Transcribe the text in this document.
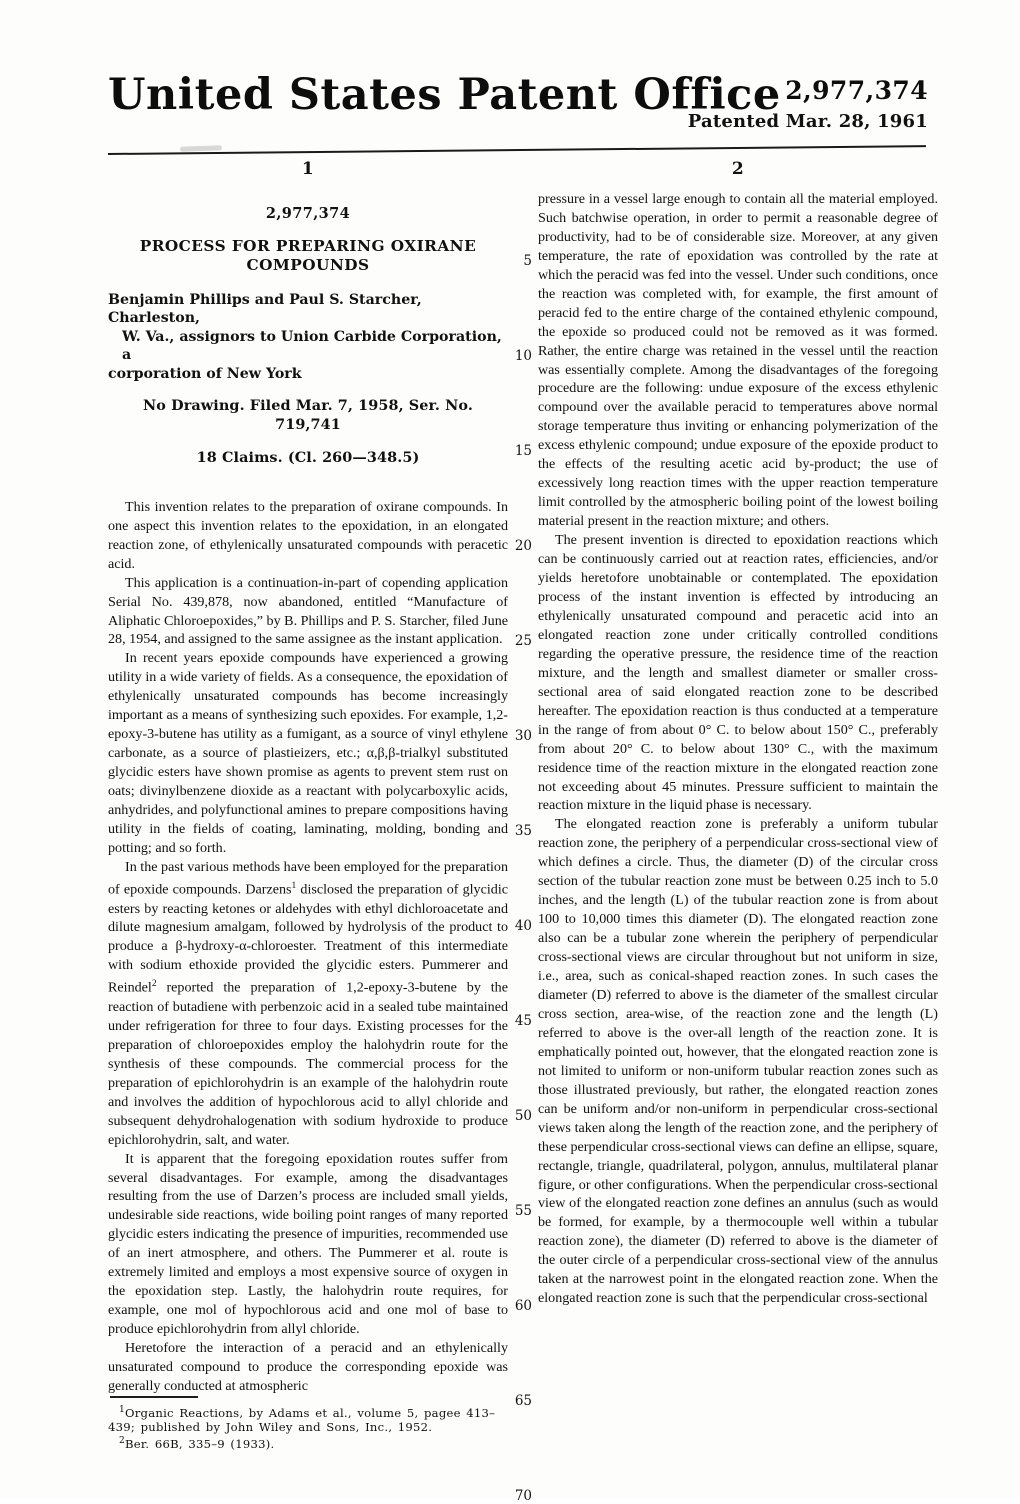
United States Patent Office 2,977,374
Patented Mar. 28, 1961
1
2,977,374
PROCESS FOR PREPARING OXIRANE
COMPOUNDS
Benjamin Phillips and Paul S. Starcher, Charleston,
W. Va., assignors to Union Carbide Corporation, a
corporation of New York
No Drawing. Filed Mar. 7, 1958, Ser. No. 719,741
18 Claims. (Cl. 260—348.5)

This invention relates to the preparation of oxirane compounds. In one aspect this invention relates to the epoxidation, in an elongated reaction zone, of ethylenically unsaturated compounds with peracetic acid.

This application is a continuation-in-part of copending application Serial No. 439,878, now abandoned, entitled “Manufacture of Aliphatic Chloroepoxides,” by B. Phillips and P. S. Starcher, filed June 28, 1954, and assigned to the same assignee as the instant application.

In recent years epoxide compounds have experienced a growing utility in a wide variety of fields. As a consequence, the epoxidation of ethylenically unsaturated compounds has become increasingly important as a means of synthesizing such epoxides. For example, 1,2-epoxy-3-butene has utility as a fumigant, as a source of vinyl ethylene carbonate, as a source of plastieizers, etc.; α,β,β-trialkyl substituted glycidic esters have shown promise as agents to prevent stem rust on oats; divinylbenzene dioxide as a reactant with polycarboxylic acids, anhydrides, and polyfunctional amines to prepare compositions having utility in the fields of coating, laminating, molding, bonding and potting; and so forth.

In the past various methods have been employed for the preparation of epoxide compounds. Darzens$^1$ disclosed the preparation of glycidic esters by reacting ketones or aldehydes with ethyl dichloroacetate and dilute magnesium amalgam, followed by hydrolysis of the product to produce a β-hydroxy-α-chloroester. Treatment of this intermediate with sodium ethoxide provided the glycidic esters. Pummerer and Reindel$^2$ reported the preparation of 1,2-epoxy-3-butene by the reaction of butadiene with perbenzoic acid in a sealed tube maintained under refrigeration for three to four days. Existing processes for the preparation of chloroepoxides employ the halohydrin route for the synthesis of these compounds. The commercial process for the preparation of epichlorohydrin is an example of the halohydrin route and involves the addition of hypochlorous acid to allyl chloride and subsequent dehydrohalogenation with sodium hydroxide to produce epichlorohydrin, salt, and water.

It is apparent that the foregoing epoxidation routes suffer from several disadvantages. For example, among the disadvantages resulting from the use of Darzen’s process are included small yields, undesirable side reactions, wide boiling point ranges of many reported glycidic esters indicating the presence of impurities, recommended use of an inert atmosphere, and others. The Pummerer et al. route is extremely limited and employs a most expensive source of oxygen in the epoxidation step. Lastly, the halohydrin route requires, for example, one mol of hypochlorous acid and one mol of base to produce epichlorohydrin from allyl chloride.

Heretofore the interaction of a peracid and an ethylenically unsaturated compound to produce the corresponding epoxide was generally conducted at atmospheric

5
10
15
20
25
30
35
40
45
50
55
60
65
70
2

pressure in a vessel large enough to contain all the material employed. Such batchwise operation, in order to permit a reasonable degree of productivity, had to be of considerable size. Moreover, at any given temperature, the rate of epoxidation was controlled by the rate at which the peracid was fed into the vessel. Under such conditions, once the reaction was completed with, for example, the first amount of peracid fed to the entire charge of the contained ethylenic compound, the epoxide so produced could not be removed as it was formed. Rather, the entire charge was retained in the vessel until the reaction was essentially complete. Among the disadvantages of the foregoing procedure are the following: undue exposure of the excess ethylenic compound over the available peracid to temperatures above normal storage temperature thus inviting or enhancing polymerization of the excess ethylenic compound; undue exposure of the epoxide product to the effects of the resulting acetic acid by-product; the use of excessively long reaction times with the upper reaction temperature limit controlled by the atmospheric boiling point of the lowest boiling material present in the reaction mixture; and others.

The present invention is directed to epoxidation reactions which can be continuously carried out at reaction rates, efficiencies, and/or yields heretofore unobtainable or contemplated. The epoxidation process of the instant invention is effected by introducing an ethylenically unsaturated compound and peracetic acid into an elongated reaction zone under critically controlled conditions regarding the operative pressure, the residence time of the reaction mixture, and the length and smallest diameter or smaller cross-sectional area of said elongated reaction zone to be described hereafter. The epoxidation reaction is thus conducted at a temperature in the range of from about 0° C. to below about 150° C., preferably from about 20° C. to below about 130° C., with the maximum residence time of the reaction mixture in the elongated reaction zone not exceeding about 45 minutes. Pressure sufficient to maintain the reaction mixture in the liquid phase is necessary.

The elongated reaction zone is preferably a uniform tubular reaction zone, the periphery of a perpendicular cross-sectional view of which defines a circle. Thus, the diameter (D) of the circular cross section of the tubular reaction zone must be between 0.25 inch to 5.0 inches, and the length (L) of the tubular reaction zone is from about 100 to 10,000 times this diameter (D). The elongated reaction zone also can be a tubular zone wherein the periphery of perpendicular cross-sectional views are circular throughout but not uniform in size, i.e., area, such as conical-shaped reaction zones. In such cases the diameter (D) referred to above is the diameter of the smallest circular cross section, area-wise, of the reaction zone and the length (L) referred to above is the over-all length of the reaction zone. It is emphatically pointed out, however, that the elongated reaction zone is not limited to uniform or non-uniform tubular reaction zones such as those illustrated previously, but rather, the elongated reaction zones can be uniform and/or non-uniform in perpendicular cross-sectional views taken along the length of the reaction zone, and the periphery of these perpendicular cross-sectional views can define an ellipse, square, rectangle, triangle, quadrilateral, polygon, annulus, multilateral planar figure, or other configurations. When the perpendicular cross-sectional view of the elongated reaction zone defines an annulus (such as would be formed, for example, by a thermocouple well within a tubular reaction zone), the diameter (D) referred to above is the diameter of the outer circle of a perpendicular cross-sectional view of the annulus taken at the narrowest point in the elongated reaction zone. When the elongated reaction zone is such that the perpendicular cross-sectional

$^1$Organic Reactions, by Adams et al., volume 5, pagee 413–439; published by John Wiley and Sons, Inc., 1952.

$^2$Ber. 66B, 335–9 (1933).
